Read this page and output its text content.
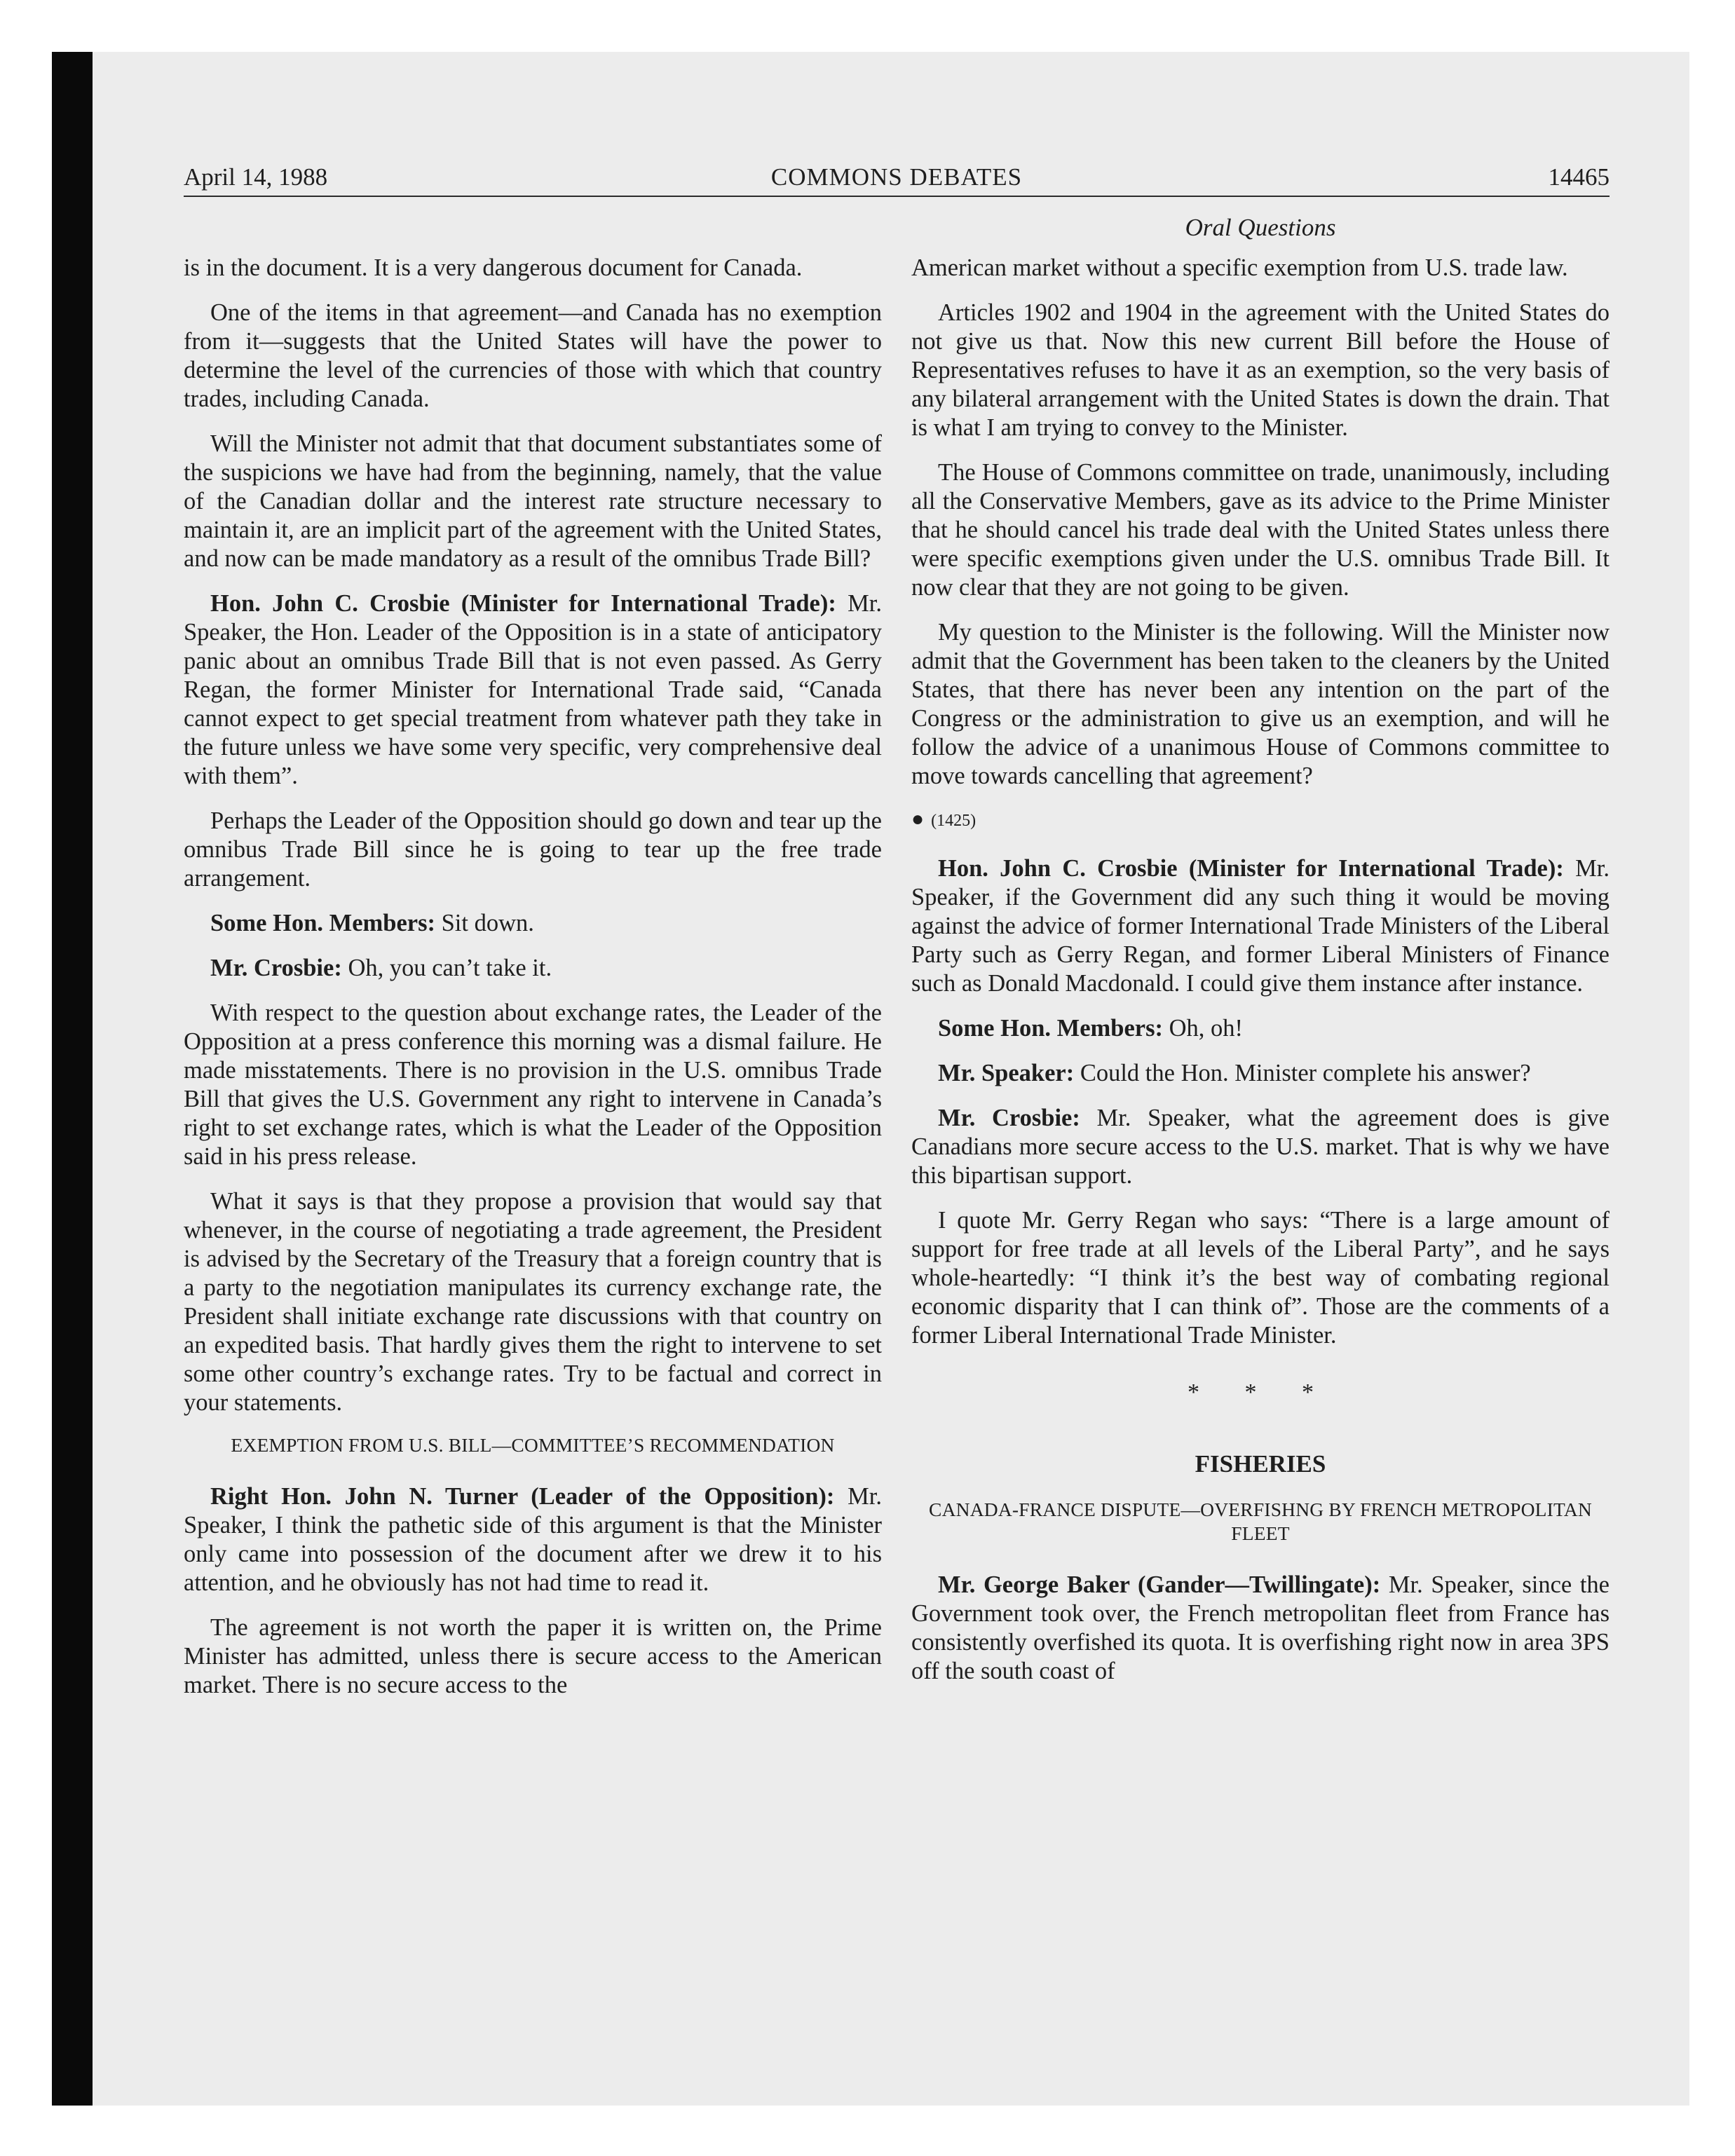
April 14, 1988	COMMONS DEBATES	14465
Oral Questions

is in the document. It is a very dangerous document for Canada.

One of the items in that agreement—and Canada has no exemption from it—suggests that the United States will have the power to determine the level of the currencies of those with which that country trades, including Canada.

Will the Minister not admit that that document substantiates some of the suspicions we have had from the beginning, namely, that the value of the Canadian dollar and the interest rate structure necessary to maintain it, are an implicit part of the agreement with the United States, and now can be made mandatory as a result of the omnibus Trade Bill?

Hon. John C. Crosbie (Minister for International Trade): Mr. Speaker, the Hon. Leader of the Opposition is in a state of anticipatory panic about an omnibus Trade Bill that is not even passed. As Gerry Regan, the former Minister for International Trade said, “Canada cannot expect to get special treatment from whatever path they take in the future unless we have some very specific, very comprehensive deal with them”.

Perhaps the Leader of the Opposition should go down and tear up the omnibus Trade Bill since he is going to tear up the free trade arrangement.

Some Hon. Members: Sit down.

Mr. Crosbie: Oh, you can’t take it.

With respect to the question about exchange rates, the Leader of the Opposition at a press conference this morning was a dismal failure. He made misstatements. There is no provision in the U.S. omnibus Trade Bill that gives the U.S. Government any right to intervene in Canada’s right to set exchange rates, which is what the Leader of the Opposition said in his press release.

What it says is that they propose a provision that would say that whenever, in the course of negotiating a trade agreement, the President is advised by the Secretary of the Treasury that a foreign country that is a party to the negotiation manipulates its currency exchange rate, the President shall initiate exchange rate discussions with that country on an expedited basis. That hardly gives them the right to intervene to set some other country’s exchange rates. Try to be factual and correct in your statements.

EXEMPTION FROM U.S. BILL—COMMITTEE’S RECOMMENDATION

Right Hon. John N. Turner (Leader of the Opposition): Mr. Speaker, I think the pathetic side of this argument is that the Minister only came into possession of the document after we drew it to his attention, and he obviously has not had time to read it.

The agreement is not worth the paper it is written on, the Prime Minister has admitted, unless there is secure access to the American market. There is no secure access to the

American market without a specific exemption from U.S. trade law.

Articles 1902 and 1904 in the agreement with the United States do not give us that. Now this new current Bill before the House of Representatives refuses to have it as an exemption, so the very basis of any bilateral arrangement with the United States is down the drain. That is what I am trying to convey to the Minister.

The House of Commons committee on trade, unanimously, including all the Conservative Members, gave as its advice to the Prime Minister that he should cancel his trade deal with the United States unless there were specific exemptions given under the U.S. omnibus Trade Bill. It now clear that they are not going to be given.

My question to the Minister is the following. Will the Minister now admit that the Government has been taken to the cleaners by the United States, that there has never been any intention on the part of the Congress or the administration to give us an exemption, and will he follow the advice of a unanimous House of Commons committee to move towards cancelling that agreement?

● (1425)

Hon. John C. Crosbie (Minister for International Trade): Mr. Speaker, if the Government did any such thing it would be moving against the advice of former International Trade Ministers of the Liberal Party such as Gerry Regan, and former Liberal Ministers of Finance such as Donald Macdonald. I could give them instance after instance.

Some Hon. Members: Oh, oh!

Mr. Speaker: Could the Hon. Minister complete his answer?

Mr. Crosbie: Mr. Speaker, what the agreement does is give Canadians more secure access to the U.S. market. That is why we have this bipartisan support.

I quote Mr. Gerry Regan who says: “There is a large amount of support for free trade at all levels of the Liberal Party”, and he says whole-heartedly: “I think it’s the best way of combating regional economic disparity that I can think of”. Those are the comments of a former Liberal International Trade Minister.

* * *
FISHERIES
CANADA-FRANCE DISPUTE—OVERFISHNG BY FRENCH METROPOLITAN FLEET

Mr. George Baker (Gander—Twillingate): Mr. Speaker, since the Government took over, the French metropolitan fleet from France has consistently overfished its quota. It is overfishing right now in area 3PS off the south coast of
